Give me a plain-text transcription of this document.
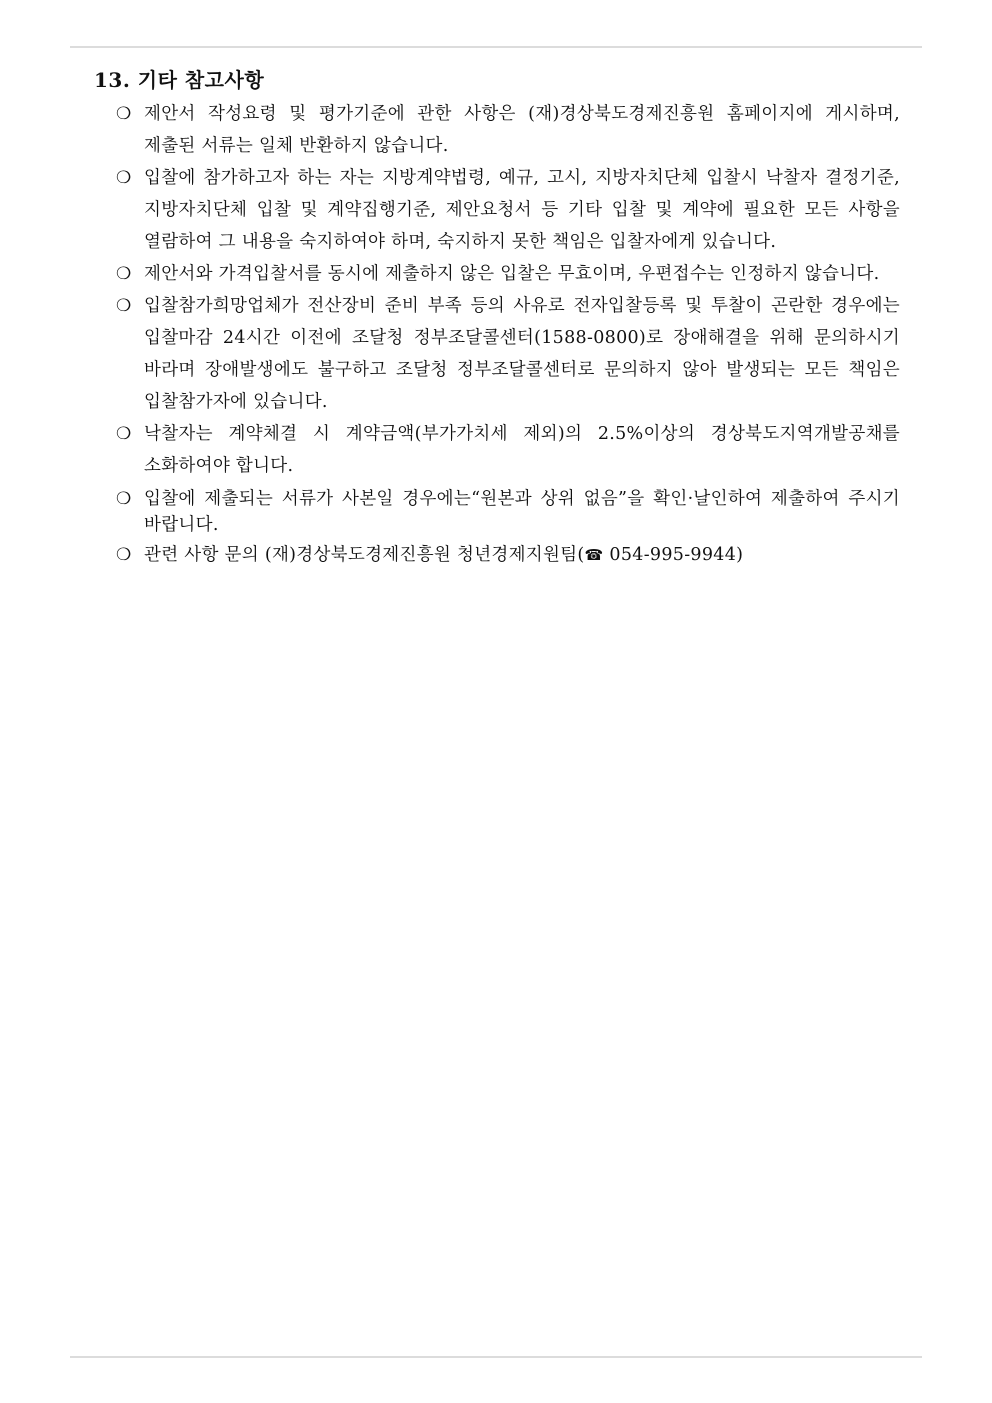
13. 기타 참고사항
❍ 제안서 작성요령 및 평가기준에 관한 사항은 (재)경상북도경제진흥원 홈페이지에 게시하며, 제출된 서류는 일체 반환하지 않습니다.
❍ 입찰에 참가하고자 하는 자는 지방계약법령, 예규, 고시, 지방자치단체 입찰시 낙찰자 결정기준, 지방자치단체 입찰 및 계약집행기준, 제안요청서 등 기타 입찰 및 계약에 필요한 모든 사항을 열람하여 그 내용을 숙지하여야 하며, 숙지하지 못한 책임은 입찰자에게 있습니다.
❍ 제안서와 가격입찰서를 동시에 제출하지 않은 입찰은 무효이며, 우편접수는 인정하지 않습니다.
❍ 입찰참가희망업체가 전산장비 준비 부족 등의 사유로 전자입찰등록 및 투찰이 곤란한 경우에는 입찰마감 24시간 이전에 조달청 정부조달콜센터(1588-0800)로 장애해결을 위해 문의하시기 바라며 장애발생에도 불구하고 조달청 정부조달콜센터로 문의하지 않아 발생되는 모든 책임은 입찰참가자에 있습니다.
❍ 낙찰자는 계약체결 시 계약금액(부가가치세 제외)의 2.5%이상의 경상북도지역개발공채를 소화하여야 합니다.
❍ 입찰에 제출되는 서류가 사본일 경우에는“원본과 상위 없음”을 확인·날인하여 제출하여 주시기 바랍니다.
❍ 관련 사항 문의 (재)경상북도경제진흥원 청년경제지원팀(☎ 054-995-9944)
